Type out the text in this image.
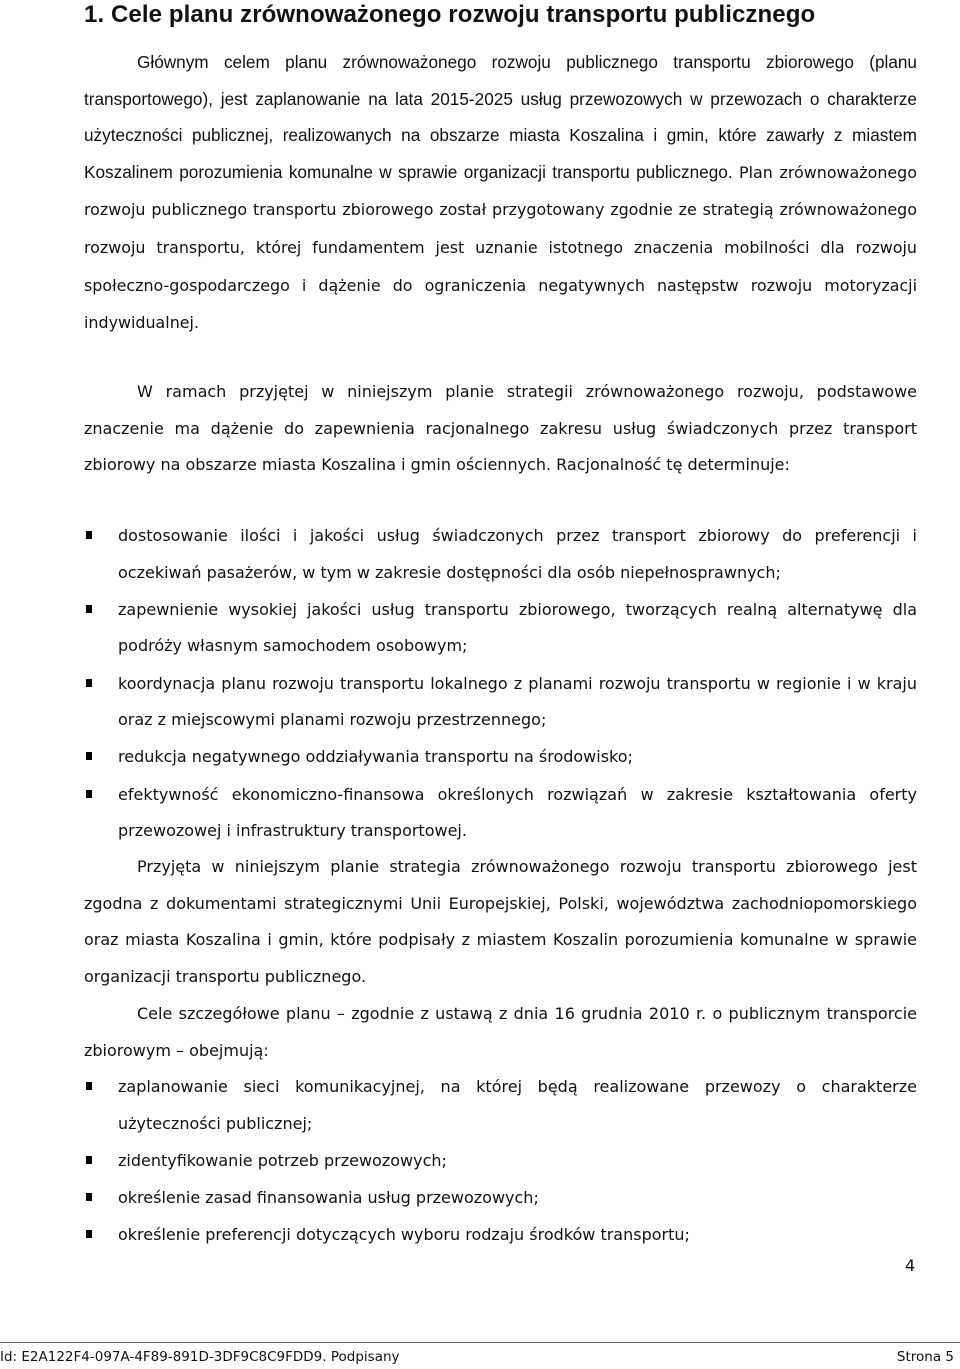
1. Cele planu zrównoważonego rozwoju transportu publicznego

Głównym celem planu zrównoważonego rozwoju publicznego transportu zbiorowego (planu transportowego), jest zaplanowanie na lata 2015-2025 usług przewozowych w przewozach o charakterze użyteczności publicznej, realizowanych na obszarze miasta Koszalina i gmin, które zawarły z miastem Koszalinem porozumienia komunalne w sprawie organizacji transportu publicznego. Plan zrównoważonego rozwoju publicznego transportu zbiorowego został przygotowany zgodnie ze strategią zrównoważonego rozwoju transportu, której fundamentem jest uznanie istotnego znaczenia mobilności dla rozwoju społeczno-gospodarczego i dążenie do ograniczenia negatywnych następstw rozwoju motoryzacji indywidualnej.

W ramach przyjętej w niniejszym planie strategii zrównoważonego rozwoju, podstawowe znaczenie ma dążenie do zapewnienia racjonalnego zakresu usług świadczonych przez transport zbiorowy na obszarze miasta Koszalina i gmin ościennych. Racjonalność tę determinuje:

dostosowanie ilości i jakości usług świadczonych przez transport zbiorowy do preferencji i oczekiwań pasażerów, w tym w zakresie dostępności dla osób niepełnosprawnych;
zapewnienie wysokiej jakości usług transportu zbiorowego, tworzących realną alternatywę dla podróży własnym samochodem osobowym;
koordynacja planu rozwoju transportu lokalnego z planami rozwoju transportu w regionie i w kraju oraz z miejscowymi planami rozwoju przestrzennego;
redukcja negatywnego oddziaływania transportu na środowisko;
efektywność ekonomiczno-finansowa określonych rozwiązań w zakresie kształtowania oferty przewozowej i infrastruktury transportowej.

Przyjęta w niniejszym planie strategia zrównoważonego rozwoju transportu zbiorowego jest zgodna z dokumentami strategicznymi Unii Europejskiej, Polski, województwa zachodniopomorskiego oraz miasta Koszalina i gmin, które podpisały z miastem Koszalin porozumienia komunalne w sprawie organizacji transportu publicznego.

Cele szczegółowe planu – zgodnie z ustawą z dnia 16 grudnia 2010 r. o publicznym transporcie zbiorowym – obejmują:

zaplanowanie sieci komunikacyjnej, na której będą realizowane przewozy o charakterze użyteczności publicznej;
zidentyfikowanie potrzeb przewozowych;
określenie zasad finansowania usług przewozowych;
określenie preferencji dotyczących wyboru rodzaju środków transportu;
4
Id: E2A122F4-097A-4F89-891D-3DF9C8C9FDD9. Podpisany	Strona 5
